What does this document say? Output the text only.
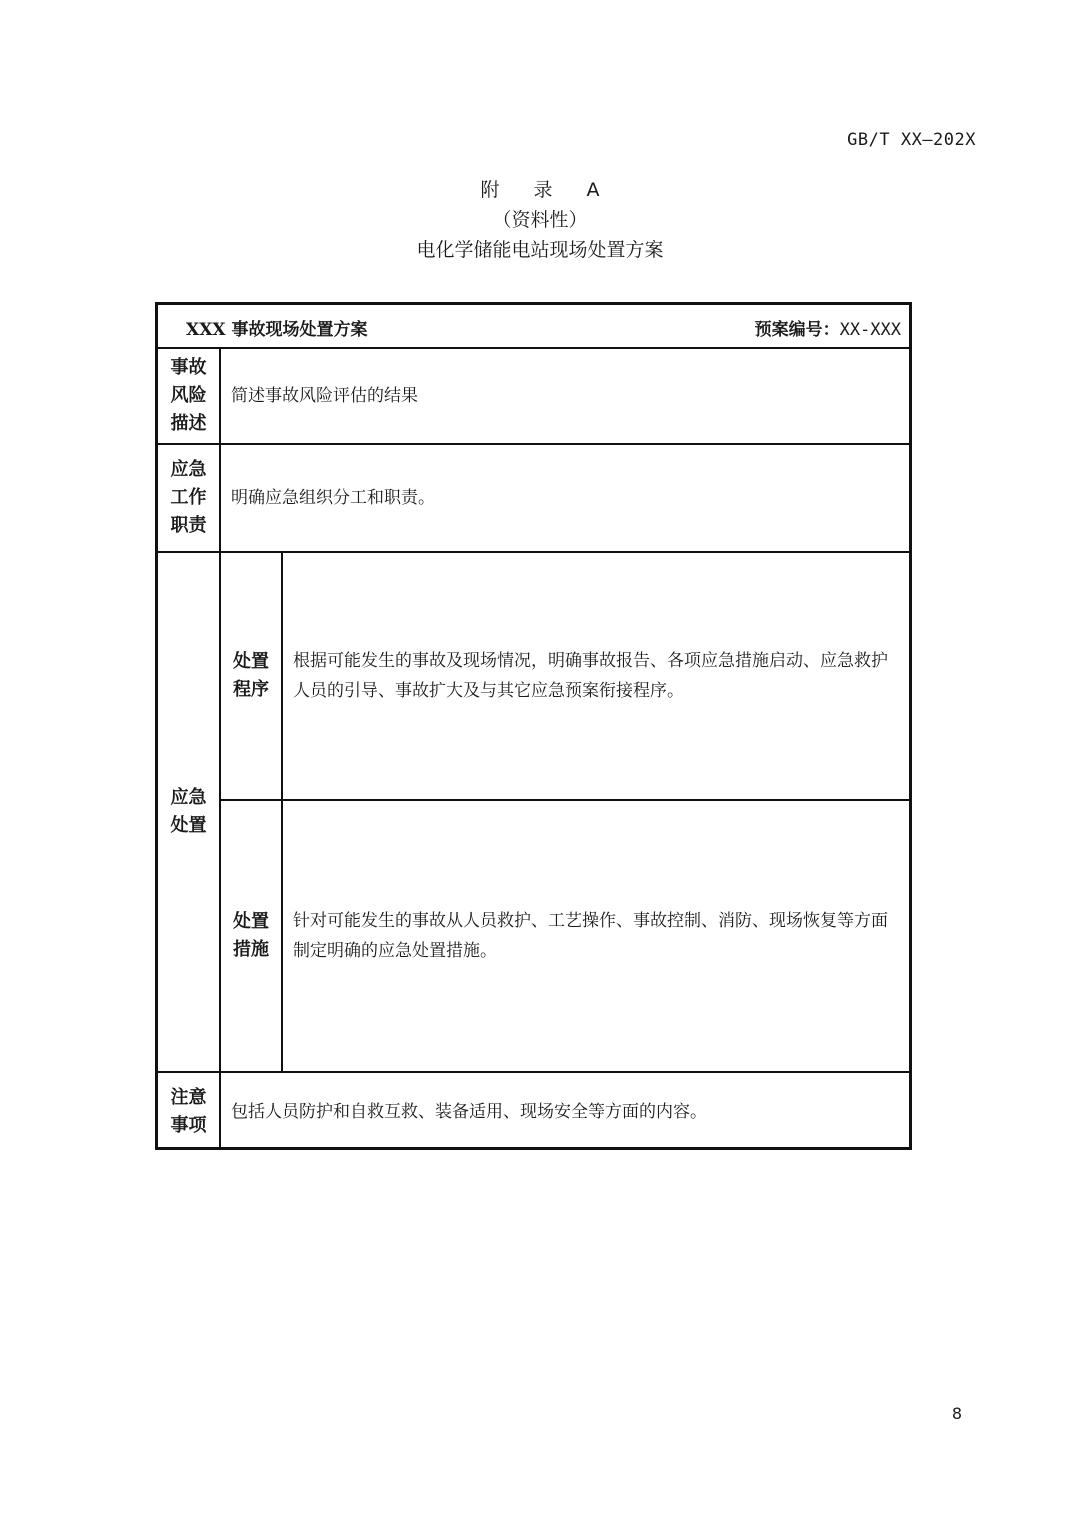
GB/T XX—202X
附 录 A
（资料性）
电化学储能电站现场处置方案
XXX 事故现场处置方案 预案编号：XX-XXX		

事故
风险
描述	简述事故风险评估的结果	

应急
工作
职责	明确应急组织分工和职责。	

应急
处置	处置
程序	根据可能发生的事故及现场情况，明确事故报告、各项应急措施启动、应急救护人员的引导、事故扩大及与其它应急预案衔接程序。

	处置
措施	针对可能发生的事故从人员救护、工艺操作、事故控制、消防、现场恢复等方面制定明确的应急处置措施。

注意
事项	包括人员防护和自救互救、装备适用、现场安全等方面的内容。	
8
